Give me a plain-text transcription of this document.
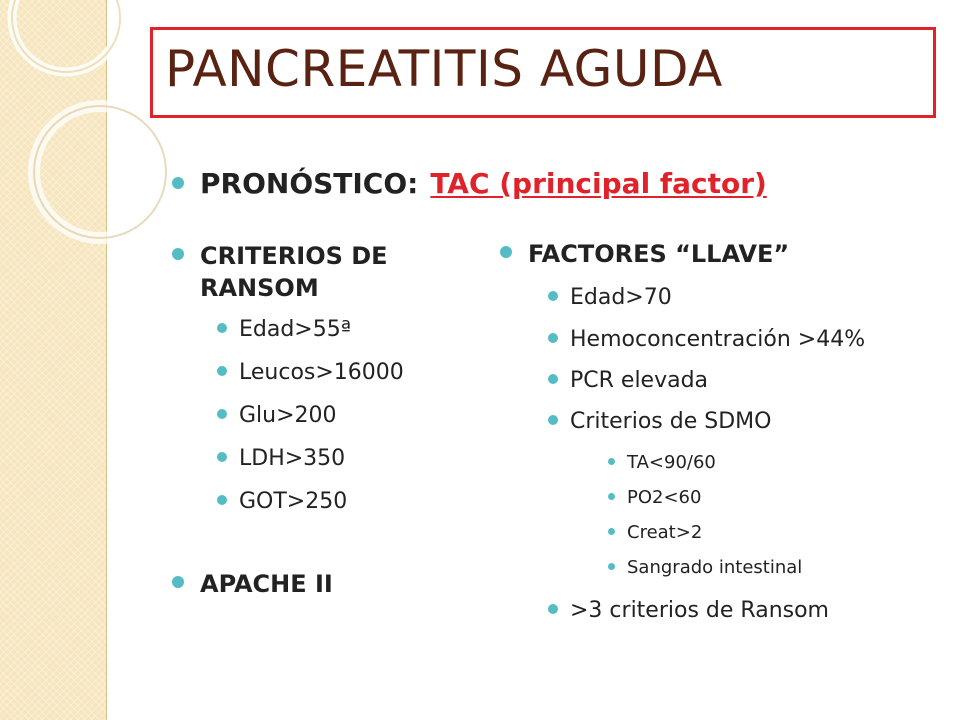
PANCREATITIS AGUDA
PRONÓSTICO: TAC (principal factor)
CRITERIOS DE
RANSOM
Edad>55ª
Leucos>16000
Glu>200
LDH>350
GOT>250
APACHE II
FACTORES “LLAVE”
Edad>70
Hemoconcentración >44%
PCR elevada
Criterios de SDMO
TA<90/60
PO2<60
Creat>2
Sangrado intestinal
>3 criterios de Ransom
